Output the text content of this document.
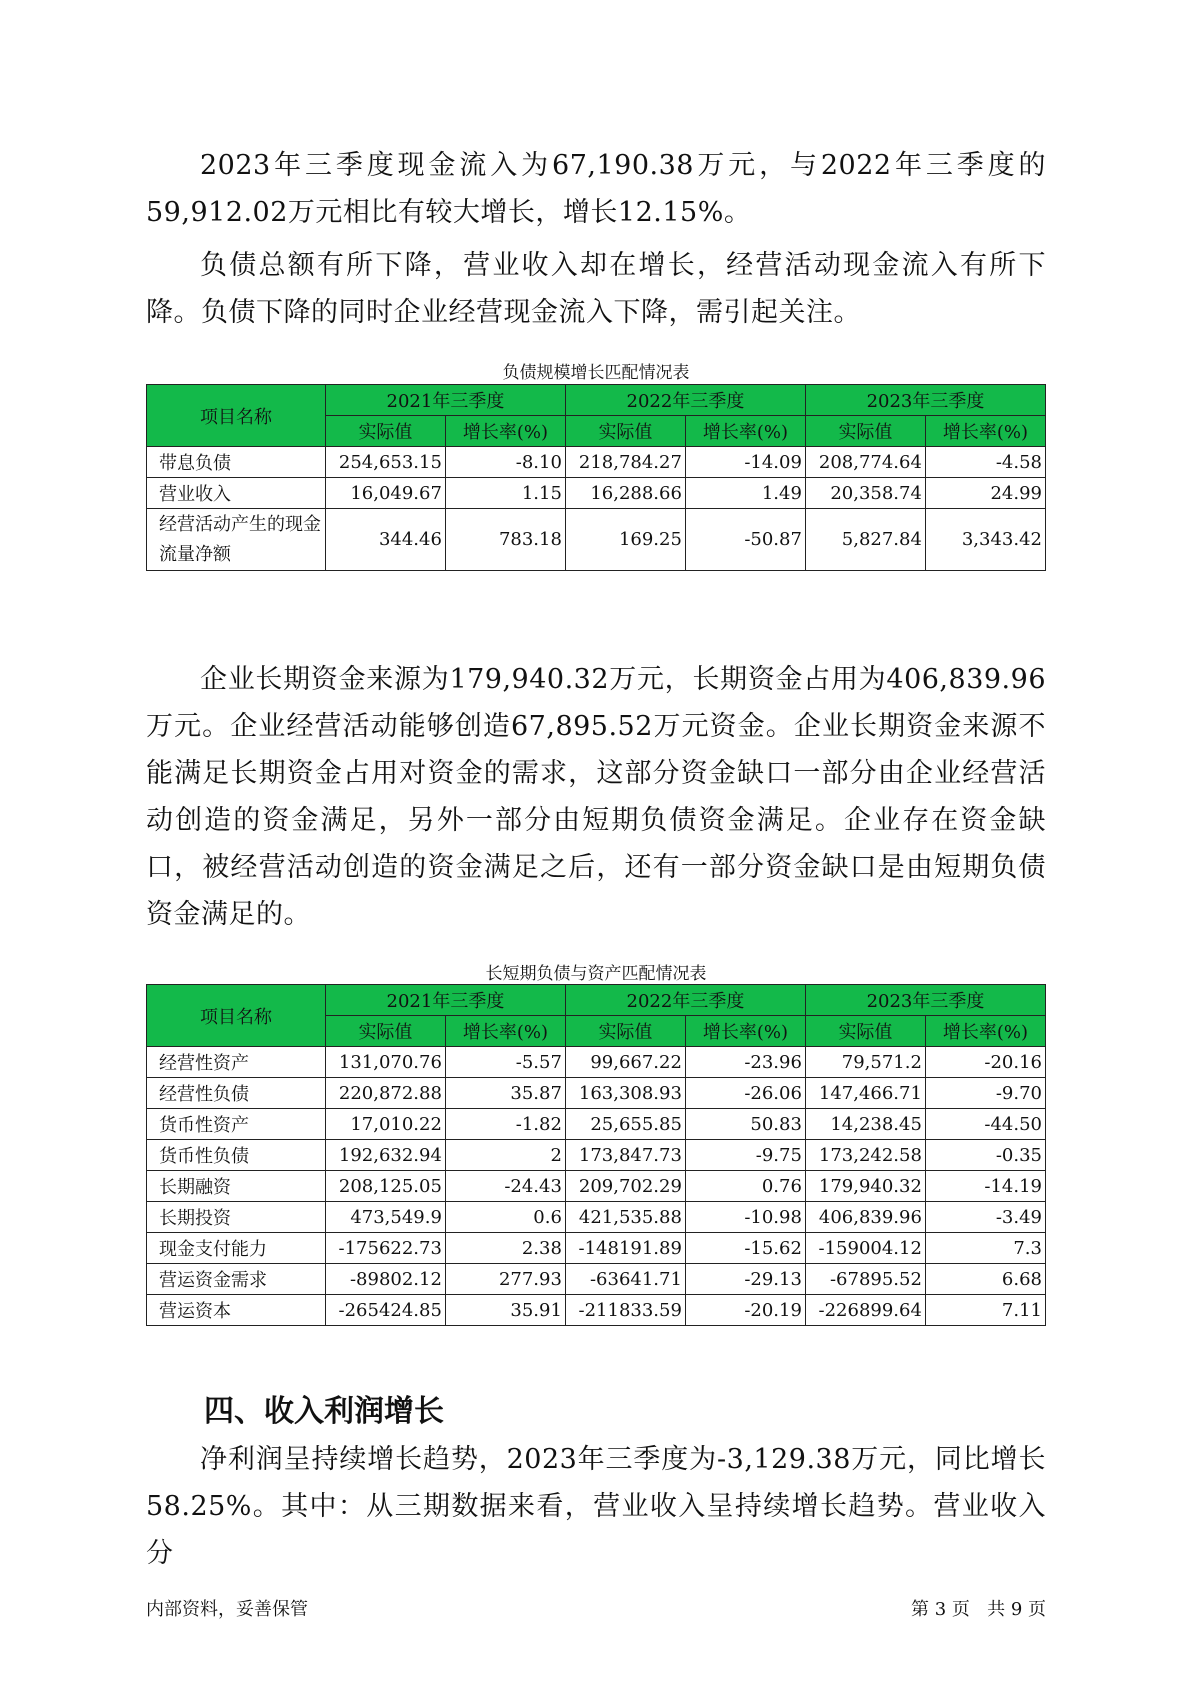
2023年三季度现金流入为67,190.38万元，与2022年三季度的59,912.02万元相比有较大增长，增长12.15%。

负债总额有所下降，营业收入却在增长，经营活动现金流入有所下降。负债下降的同时企业经营现金流入下降，需引起关注。

负债规模增长匹配情况表
项目名称	2021年三季度		2022年三季度		2023年三季度	
	实际值	增长率(%)	实际值	增长率(%)	实际值	增长率(%)
带息负债	254,653.15	-8.10	218,784.27	-14.09	208,774.64	-4.58
营业收入	16,049.67	1.15	16,288.66	1.49	20,358.74	24.99
经营活动产生的现金流量净额	344.46	783.18	169.25	-50.87	5,827.84	3,343.42

企业长期资金来源为179,940.32万元，长期资金占用为406,839.96万元。企业经营活动能够创造67,895.52万元资金。企业长期资金来源不能满足长期资金占用对资金的需求，这部分资金缺口一部分由企业经营活动创造的资金满足，另外一部分由短期负债资金满足。企业存在资金缺口，被经营活动创造的资金满足之后，还有一部分资金缺口是由短期负债资金满足的。

长短期负债与资产匹配情况表
项目名称	2021年三季度		2022年三季度		2023年三季度	
	实际值	增长率(%)	实际值	增长率(%)	实际值	增长率(%)
经营性资产	131,070.76	-5.57	99,667.22	-23.96	79,571.2	-20.16
经营性负债	220,872.88	35.87	163,308.93	-26.06	147,466.71	-9.70
货币性资产	17,010.22	-1.82	25,655.85	50.83	14,238.45	-44.50
货币性负债	192,632.94	2	173,847.73	-9.75	173,242.58	-0.35
长期融资	208,125.05	-24.43	209,702.29	0.76	179,940.32	-14.19
长期投资	473,549.9	0.6	421,535.88	-10.98	406,839.96	-3.49
现金支付能力	-175622.73	2.38	-148191.89	-15.62	-159004.12	7.3
营运资金需求	-89802.12	277.93	-63641.71	-29.13	-67895.52	6.68
营运资本	-265424.85	35.91	-211833.59	-20.19	-226899.64	7.11
四、收入利润增长

净利润呈持续增长趋势，2023年三季度为-3,129.38万元，同比增长58.25%。其中：从三期数据来看，营业收入呈持续增长趋势。营业收入分

内部资料，妥善保管	第 3 页   共 9 页
